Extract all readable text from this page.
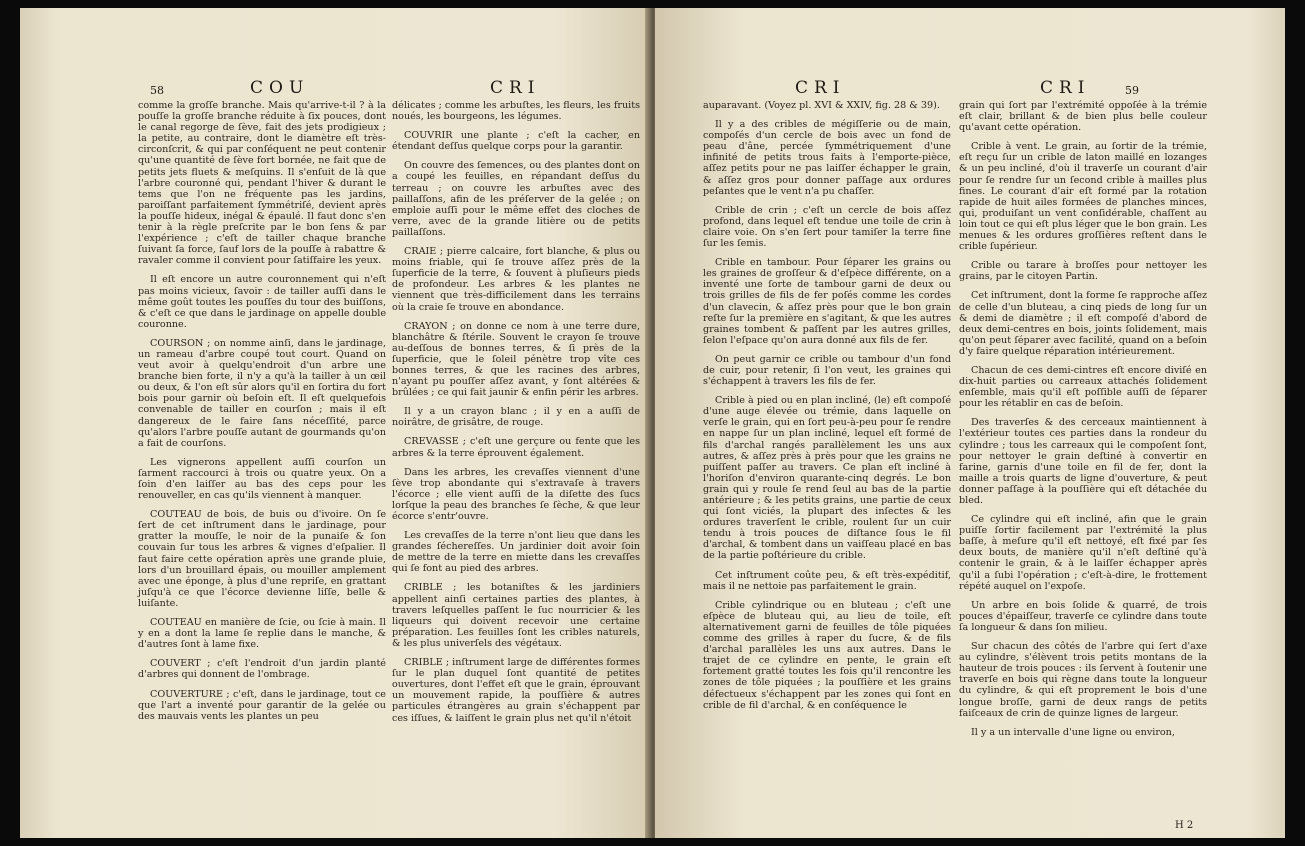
58	COU	CRI

comme la groſſe branche. Mais qu'arrive-t-il ? à la pouſſe la groſſe branche réduite à ſix pouces, dont le canal regorge de ſève, fait des jets prodigieux ; la petite, au contraire, dont le diamètre eſt très-circonſcrit, & qui par conſéquent ne peut contenir qu'une quantité de ſève fort bornée, ne fait que de petits jets fluets & meſquins. Il s'enſuit de là que l'arbre couronné qui, pendant l'hiver & durant le tems que l'on ne fréquente pas les jardins, paroiſſant parfaitement ſymmétriſé, devient après la pouſſe hideux, inégal & épaulé. Il faut donc s'en tenir à la règle preſcrite par le bon ſens & par l'expérience ; c'eſt de tailler chaque branche ſuivant ſa force, ſauf lors de la pouſſe à rabattre & ravaler comme il convient pour ſatiſfaire les yeux.

Il eſt encore un autre couronnement qui n'eſt pas moins vicieux, ſavoir : de tailler auſſi dans le même goût toutes les pouſſes du tour des buiſſons, & c'eſt ce que dans le jardinage on appelle double couronne.

COURSON ; on nomme ainſi, dans le jardinage, un rameau d'arbre coupé tout court. Quand on veut avoir à quelqu'endroit d'un arbre une branche bien forte, il n'y a qu'à la tailler à un œil ou deux, & l'on eſt sûr alors qu'il en ſortira du fort bois pour garnir où beſoin eſt. Il eſt quelquefois convenable de tailler en courſon ; mais il eſt dangereux de le faire ſans néceſſité, parce qu'alors l'arbre pouſſe autant de gourmands qu'on a fait de courſons.

Les vignerons appellent auſſi courſon un ſarment raccourci à trois ou quatre yeux. On a ſoin d'en laiſſer au bas des ceps pour les renouveller, en cas qu'ils viennent à manquer.

COUTEAU de bois, de buis ou d'ivoire. On ſe ſert de cet inſtrument dans le jardinage, pour gratter la mouſſe, le noir de la punaiſe & ſon couvain ſur tous les arbres & vignes d'eſpalier. Il faut faire cette opération après une grande pluie, lors d'un brouillard épais, ou mouiller amplement avec une éponge, à plus d'une repriſe, en grattant juſqu'à ce que l'écorce devienne liſſe, belle & luiſante.

COUTEAU en manière de ſcie, ou ſcie à main. Il y en a dont la lame ſe replie dans le manche, & d'autres ſont à lame fixe.

COUVERT ; c'eſt l'endroit d'un jardin planté d'arbres qui donnent de l'ombrage.

COUVERTURE ; c'eſt, dans le jardinage, tout ce que l'art a inventé pour garantir de la gelée ou des mauvais vents les plantes un peu

délicates ; comme les arbuſtes, les fleurs, les fruits noués, les bourgeons, les légumes.

COUVRIR une plante ; c'eſt la cacher, en étendant deſſus quelque corps pour la garantir.

On couvre des ſemences, ou des plantes dont on a coupé les feuilles, en répandant deſſus du terreau ; on couvre les arbuſtes avec des paillaſſons, afin de les préſerver de la gelée ; on emploie auſſi pour le même effet des cloches de verre, avec de la grande litière ou de petits paillaſſons.

CRAIE ; pierre calcaire, fort blanche, & plus ou moins friable, qui ſe trouve aſſez près de la ſuperficie de la terre, & ſouvent à pluſieurs pieds de profondeur. Les arbres & les plantes ne viennent que très-difficilement dans les terrains où la craie ſe trouve en abondance.

CRAYON ; on donne ce nom à une terre dure, blanchâtre & ſtérile. Souvent le crayon ſe trouve au-deſſous de bonnes terres, & ſi près de la ſuperficie, que le ſoleil pénètre trop vîte ces bonnes terres, & que les racines des arbres, n'ayant pu pouſſer aſſez avant, y ſont altérées & brûlées ; ce qui fait jaunir & enfin périr les arbres.

Il y a un crayon blanc ; il y en a auſſi de noirâtre, de grisâtre, de rouge.

CREVASSE ; c'eſt une gerçure ou fente que les arbres & la terre éprouvent également.

Dans les arbres, les crevaſſes viennent d'une ſève trop abondante qui s'extravaſe à travers l'écorce ; elle vient auſſi de la diſette des ſucs lorſque la peau des branches ſe ſèche, & que leur écorce s'entr'ouvre.

Les crevaſſes de la terre n'ont lieu que dans les grandes ſéchereſſes. Un jardinier doit avoir ſoin de mettre de la terre en miette dans les crevaſſes qui ſe font au pied des arbres.

CRIBLE ; les botaniſtes & les jardiniers appellent ainſi certaines parties des plantes, à travers leſquelles paſſent le ſuc nourricier & les liqueurs qui doivent recevoir une certaine préparation. Les feuilles ſont les cribles naturels, & les plus univerſels des végétaux.

CRIBLE ; inſtrument large de différentes formes ſur le plan duquel ſont quantité de petites ouvertures, dont l'effet eſt que le grain, éprouvant un mouvement rapide, la pouſſière & autres particules étrangères au grain s'échappent par ces iſſues, & laiſſent le grain plus net qu'il n'étoit

CRI	CRI	59

auparavant. (Voyez pl. XVI & XXIV, fig. 28 & 39).

Il y a des cribles de mégiſſerie ou de main, compoſés d'un cercle de bois avec un fond de peau d'âne, percée ſymmétriquement d'une infinité de petits trous faits à l'emporte-pièce, aſſez petits pour ne pas laiſſer échapper le grain, & aſſez gros pour donner paſſage aux ordures peſantes que le vent n'a pu chaſſer.

Crible de crin ; c'eſt un cercle de bois aſſez profond, dans lequel eſt tendue une toile de crin à claire voie. On s'en ſert pour tamiſer la terre fine ſur les ſemis.

Crible en tambour. Pour ſéparer les grains ou les graines de groſſeur & d'eſpèce différente, on a inventé une ſorte de tambour garni de deux ou trois grilles de fils de fer poſés comme les cordes d'un clavecin, & aſſez près pour que le bon grain reſte ſur la première en s'agitant, & que les autres graines tombent & paſſent par les autres grilles, ſelon l'eſpace qu'on aura donné aux fils de fer.

On peut garnir ce crible ou tambour d'un fond de cuir, pour retenir, ſi l'on veut, les graines qui s'échappent à travers les fils de fer.

Crible à pied ou en plan incliné, (le) eſt compoſé d'une auge élevée ou trémie, dans laquelle on verſe le grain, qui en ſort peu-à-peu pour ſe rendre en nappe ſur un plan incliné, lequel eſt formé de fils d'archal rangés parallèlement les uns aux autres, & aſſez près à près pour que les grains ne puiſſent paſſer au travers. Ce plan eſt incliné à l'horiſon d'environ quarante-cinq degrés. Le bon grain qui y roule ſe rend ſeul au bas de la partie antérieure ; & les petits grains, une partie de ceux qui ſont viciés, la plupart des inſectes & les ordures traverſent le crible, roulent ſur un cuir tendu à trois pouces de diſtance ſous le fil d'archal, & tombent dans un vaiſſeau placé en bas de la partie poſtérieure du crible.

Cet inſtrument coûte peu, & eſt très-expéditif, mais il ne nettoie pas parfaitement le grain.

Crible cylindrique ou en bluteau ; c'eſt une eſpèce de bluteau qui, au lieu de toile, eſt alternativement garni de feuilles de tôle piquées comme des grilles à raper du ſucre, & de fils d'archal parallèles les uns aux autres. Dans le trajet de ce cylindre en pente, le grain eſt fortement gratté toutes les fois qu'il rencontre les zones de tôle piquées ; la pouſſière et les grains défectueux s'échappent par les zones qui ſont en crible de fil d'archal, & en conſéquence le

grain qui ſort par l'extrémité oppoſée à la trémie eſt clair, brillant & de bien plus belle couleur qu'avant cette opération.

Crible à vent. Le grain, au ſortir de la trémie, eſt reçu ſur un crible de laton maillé en lozanges & un peu incliné, d'où il traverſe un courant d'air pour ſe rendre ſur un ſecond crible à mailles plus fines. Le courant d'air eſt formé par la rotation rapide de huit ailes formées de planches minces, qui, produiſant un vent conſidérable, chaſſent au loin tout ce qui eſt plus léger que le bon grain. Les menues & les ordures groſſières reſtent dans le crible ſupérieur.

Crible ou tarare à broſſes pour nettoyer les grains, par le citoyen Partin.

Cet inſtrument, dont la forme ſe rapproche aſſez de celle d'un bluteau, a cinq pieds de long ſur un & demi de diamètre ; il eſt compoſé d'abord de deux demi-centres en bois, joints ſolidement, mais qu'on peut ſéparer avec facilité, quand on a beſoin d'y faire quelque réparation intérieurement.

Chacun de ces demi-cintres eſt encore diviſé en dix-huit parties ou carreaux attachés ſolidement enſemble, mais qu'il eſt poſſible auſſi de ſéparer pour les rétablir en cas de beſoin.

Des traverſes & des cerceaux maintiennent à l'extérieur toutes ces parties dans la rondeur du cylindre ; tous les carreaux qui le compoſent ſont, pour nettoyer le grain deſtiné à convertir en farine, garnis d'une toile en fil de fer, dont la maille a trois quarts de ligne d'ouverture, & peut donner paſſage à la pouſſière qui eſt détachée du bled.

Ce cylindre qui eſt incliné, afin que le grain puiſſe ſortir facilement par l'extrémité la plus baſſe, à meſure qu'il eſt nettoyé, eſt fixé par ſes deux bouts, de manière qu'il n'eſt deſtiné qu'à contenir le grain, & à le laiſſer échapper après qu'il a ſubi l'opération ; c'eſt-à-dire, le frottement répété auquel on l'expoſe.

Un arbre en bois ſolide & quarré, de trois pouces d'épaiſſeur, traverſe ce cylindre dans toute ſa longueur & dans ſon milieu.

Sur chacun des côtés de l'arbre qui ſert d'axe au cylindre, s'élèvent trois petits montans de la hauteur de trois pouces : ils ſervent à ſoutenir une traverſe en bois qui règne dans toute la longueur du cylindre, & qui eſt proprement le bois d'une longue broſſe, garni de deux rangs de petits faiſceaux de crin de quinze lignes de largeur.

Il y a un intervalle d'une ligne ou environ,

H 2
